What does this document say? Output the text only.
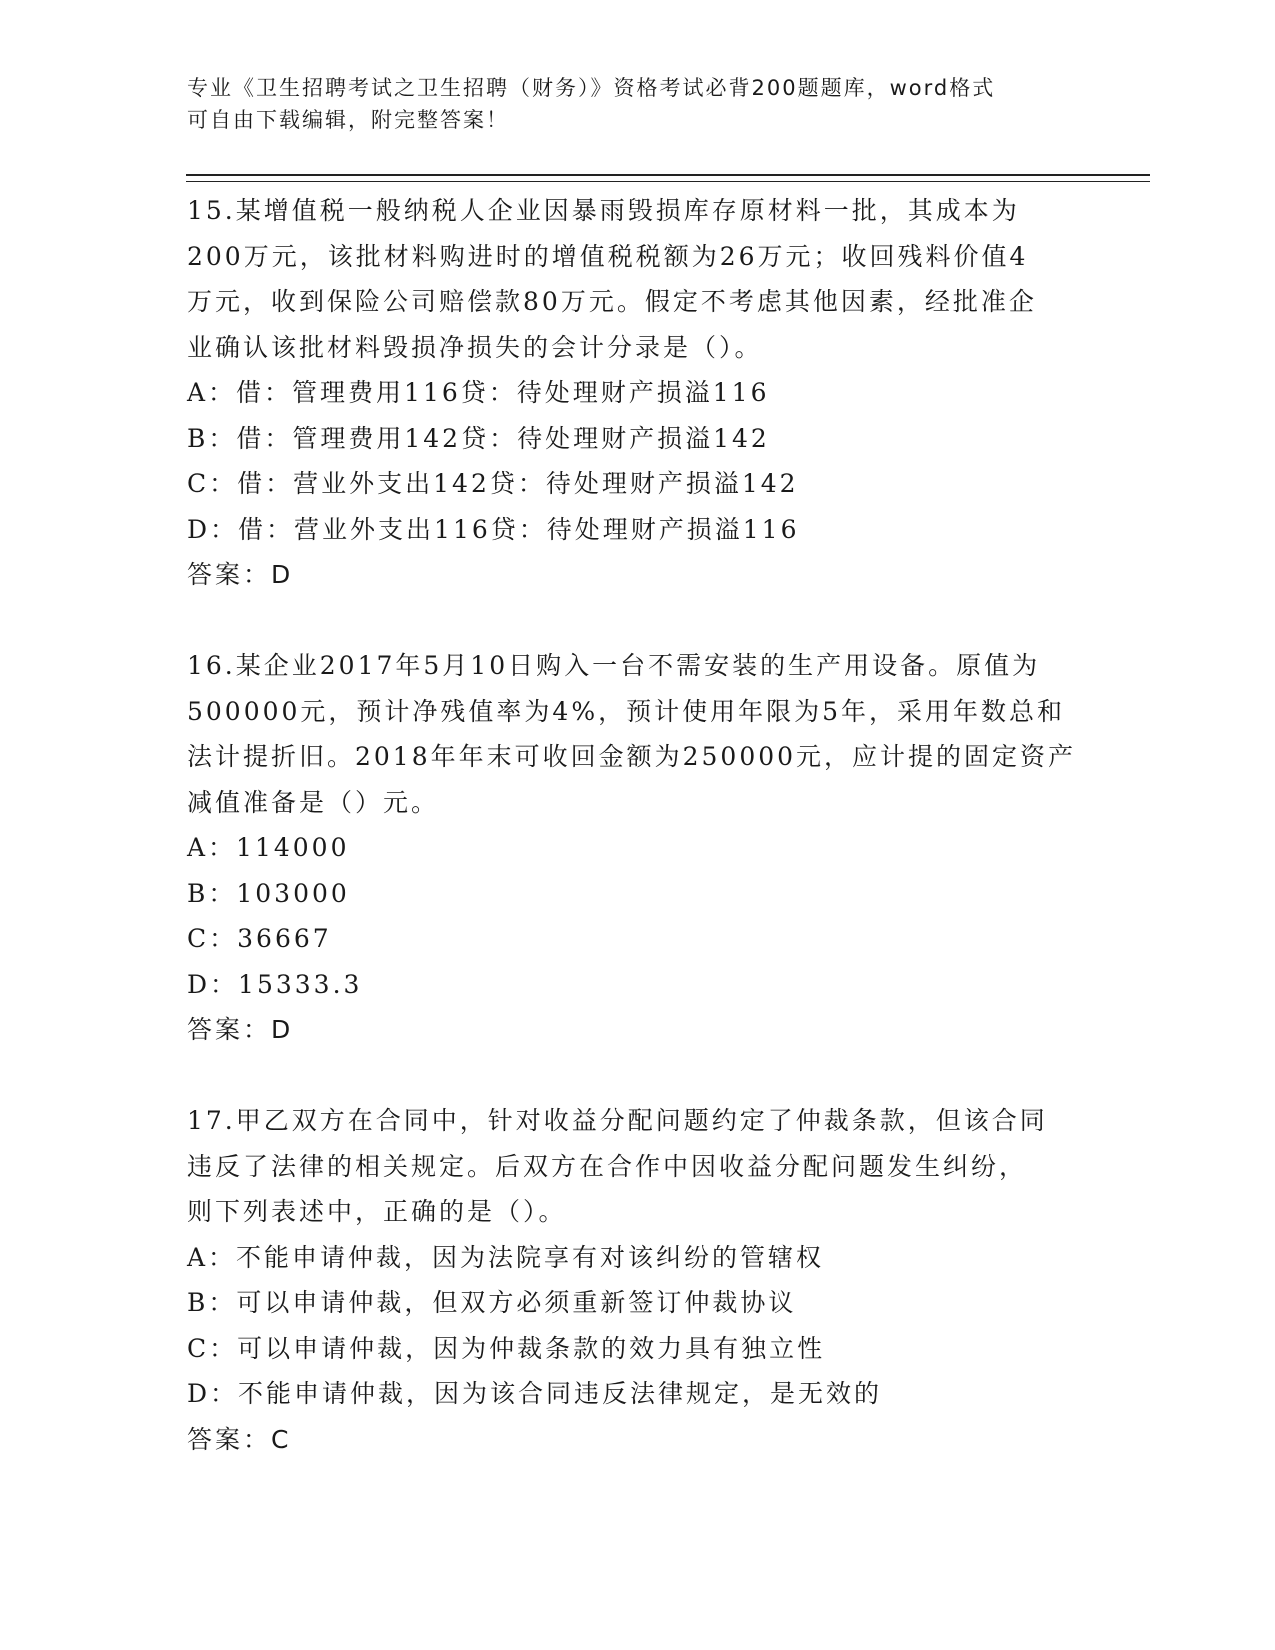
专业《卫生招聘考试之卫生招聘（财务）》资格考试必背200题题库，word格式
可自由下载编辑，附完整答案！
15.某增值税一般纳税人企业因暴雨毁损库存原材料一批，其成本为
200万元，该批材料购进时的增值税税额为26万元；收回残料价值4
万元，收到保险公司赔偿款80万元。假定不考虑其他因素，经批准企
业确认该批材料毁损净损失的会计分录是（）。
A：借：管理费用116贷：待处理财产损溢116
B：借：管理费用142贷：待处理财产损溢142
C：借：营业外支出142贷：待处理财产损溢142
D：借：营业外支出116贷：待处理财产损溢116
答案：D
16.某企业2017年5月10日购入一台不需安装的生产用设备。原值为
500000元，预计净残值率为4%，预计使用年限为5年，采用年数总和
法计提折旧。2018年年末可收回金额为250000元，应计提的固定资产
减值准备是（）元。
A：114000
B：103000
C：36667
D：15333.3
答案：D
17.甲乙双方在合同中，针对收益分配问题约定了仲裁条款，但该合同
违反了法律的相关规定。后双方在合作中因收益分配问题发生纠纷，
则下列表述中，正确的是（）。
A：不能申请仲裁，因为法院享有对该纠纷的管辖权
B：可以申请仲裁，但双方必须重新签订仲裁协议
C：可以申请仲裁，因为仲裁条款的效力具有独立性
D：不能申请仲裁，因为该合同违反法律规定，是无效的
答案：C
